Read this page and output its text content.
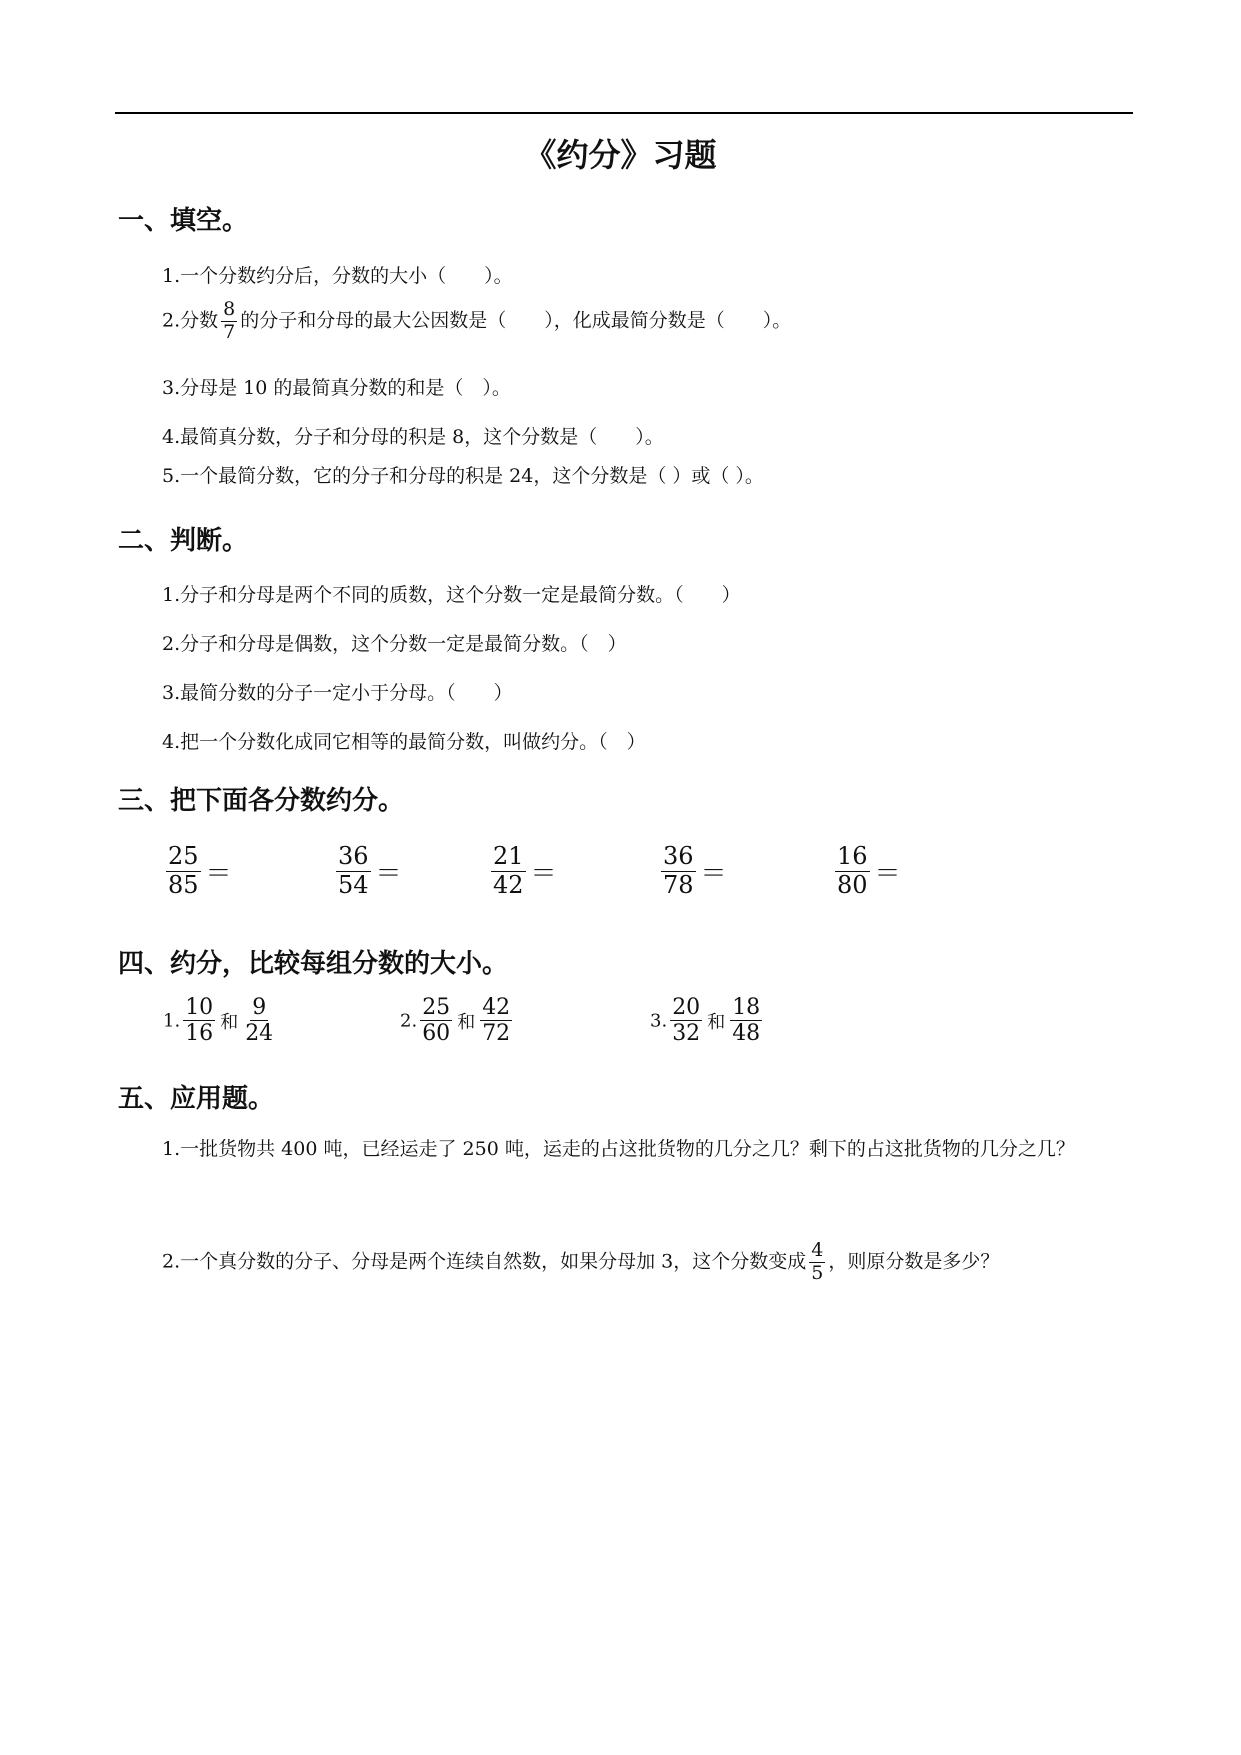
《约分》习题
一、填空。
1.一个分数约分后，分数的大小（　　）。
2.分数 $\frac{8}{7}$ 的分子和分母的最大公因数是（　　），化成最简分数是（　　）。
3.分母是 10 的最简真分数的和是（　）。
4.最简真分数，分子和分母的积是 8，这个分数是（　　）。
5.一个最简分数，它的分子和分母的积是 24，这个分数是（ ）或（ ）。
二、判断。
1.分子和分母是两个不同的质数，这个分数一定是最简分数。（　　）
2.分子和分母是偶数，这个分数一定是最简分数。（　）
3.最简分数的分子一定小于分母。（　　）
4.把一个分数化成同它相等的最简分数，叫做约分。（　）
三、把下面各分数约分。
$\frac{25}{85}$ ＝	$\frac{36}{54}$ ＝	$\frac{21}{42}$ ＝	$\frac{36}{78}$ ＝	$\frac{16}{80}$ ＝
四、约分，比较每组分数的大小。
1. $\frac{10}{16}$ 和 $\frac{9}{24}$	2. $\frac{25}{60}$ 和 $\frac{42}{72}$	3. $\frac{20}{32}$ 和 $\frac{18}{48}$
五、应用题。
1.一批货物共 400 吨，已经运走了 250 吨，运走的占这批货物的几分之几？剩下的占这批货物的几分之几？
2.一个真分数的分子、分母是两个连续自然数，如果分母加 3，这个分数变成 $\frac{4}{5}$ ，则原分数是多少？
